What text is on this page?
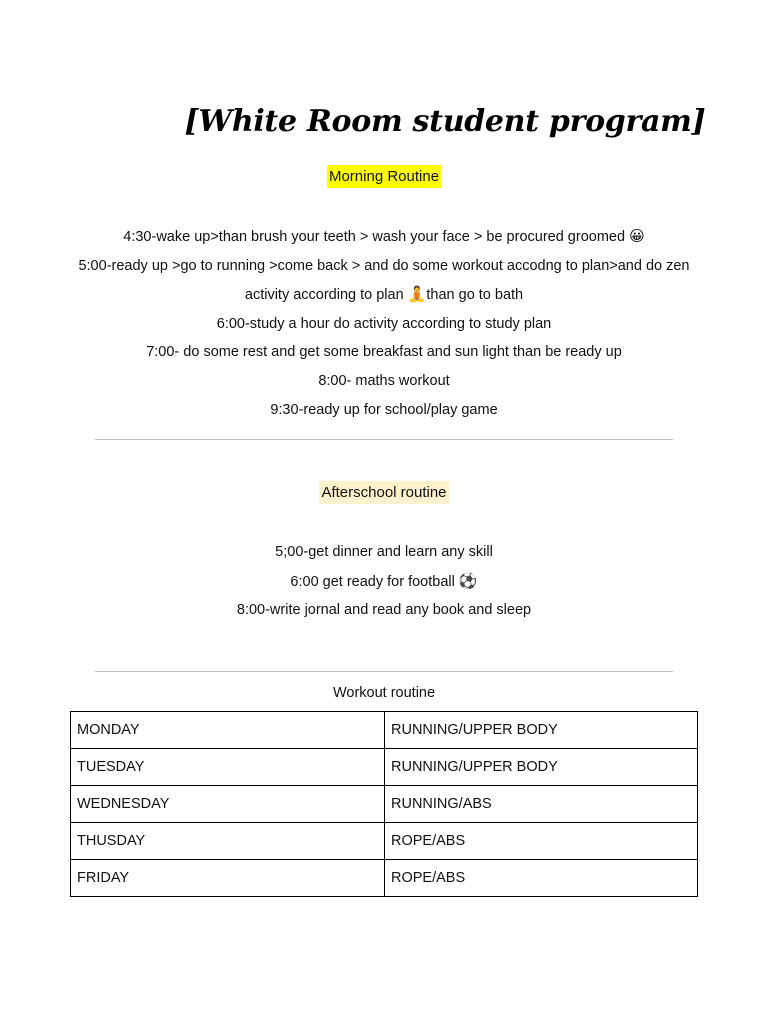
[White Room student program]
Morning Routine
4:30-wake up>than brush your teeth > wash your face > be procured groomed 😀
5:00-ready up >go to running >come back > and do some workout accodng to plan>and do zen
activity according to plan 🧘than go to bath
6:00-study a hour do activity according to study plan
7:00- do some rest and get some breakfast and sun light than be ready up
8:00- maths workout
9:30-ready up for school/play game
Afterschool routine
5;00-get dinner and learn any skill
6:00 get ready for football ⚽
8:00-write jornal and read any book and sleep
Workout routine
MONDAY	RUNNING/UPPER BODY
TUESDAY	RUNNING/UPPER BODY
WEDNESDAY	RUNNING/ABS
THUSDAY	ROPE/ABS
FRIDAY	ROPE/ABS
